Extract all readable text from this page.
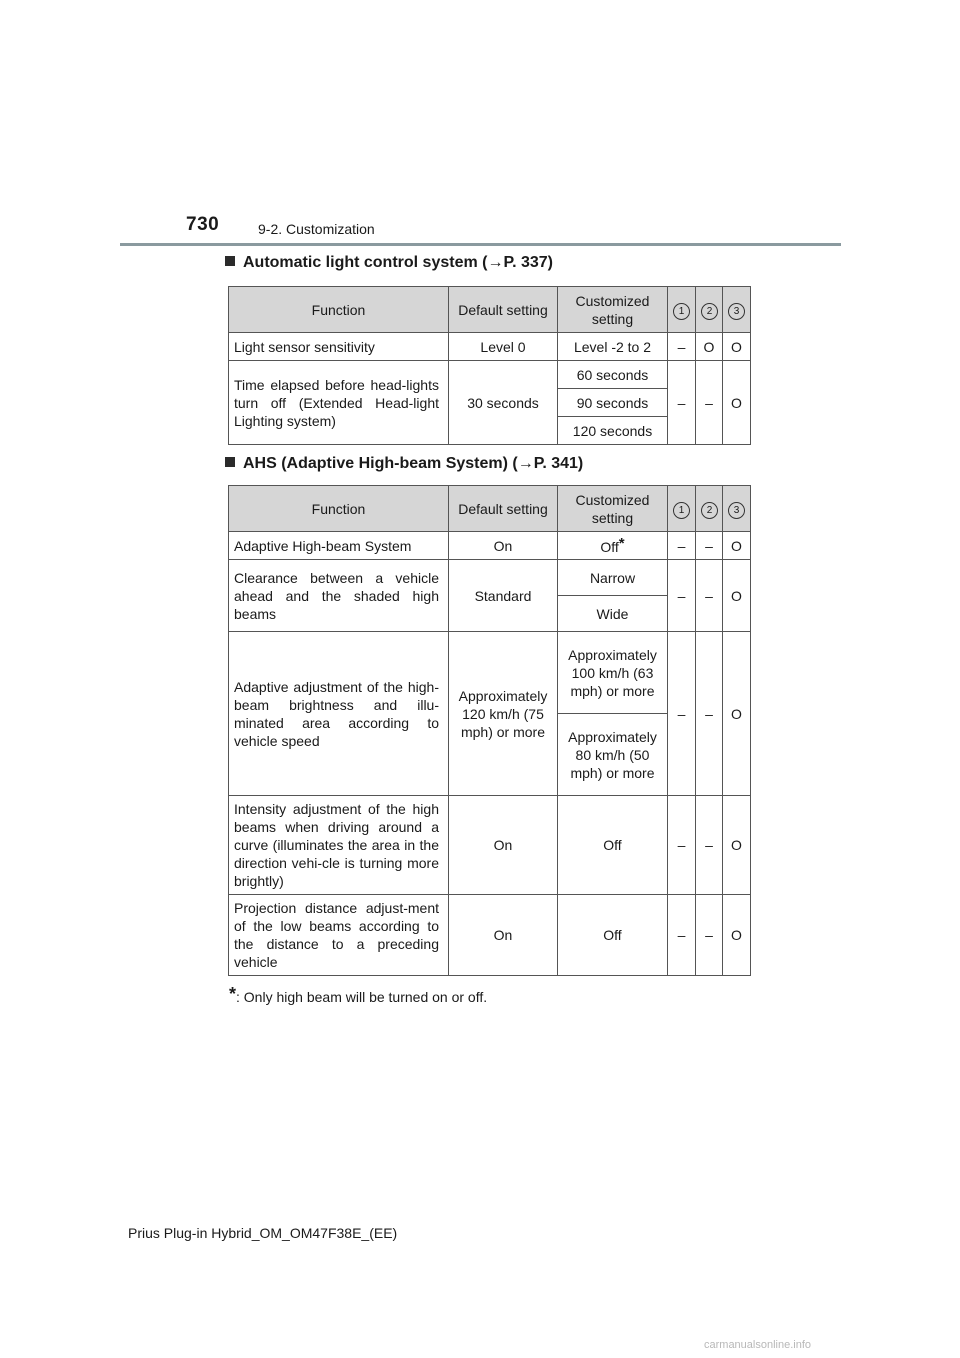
730	9-2. Customization
Automatic light control system (→P. 337)
Function	Default setting	Customized setting	1	2	3
Light sensor sensitivity	Level 0	Level -2 to 2	–	O	O
Time elapsed before head-lights turn off (Extended Head-light Lighting system)	30 seconds	60 seconds	–	–	O
		90 seconds			
		120 seconds			
AHS (Adaptive High-beam System) (→P. 341)
Function	Default setting	Customized setting	1	2	3
Adaptive High-beam System	On	Off*	–	–	O
Clearance between a vehicle ahead and the shaded high beams	Standard	Narrow	–	–	O
		Wide			
Adaptive adjustment of the high-beam brightness and illu-minated area according to vehicle speed	Approximately 120 km/h (75 mph) or more	Approximately 100 km/h (63 mph) or more	–	–	O
		Approximately 80 km/h (50 mph) or more			
Intensity adjustment of the high beams when driving around a curve (illuminates the area in the direction vehi-cle is turning more brightly)	On	Off	–	–	O
Projection distance adjust-ment of the low beams according to the distance to a preceding vehicle	On	Off	–	–	O
*: Only high beam will be turned on or off.
Prius Plug-in Hybrid_OM_OM47F38E_(EE)
carmanualsonline.info
